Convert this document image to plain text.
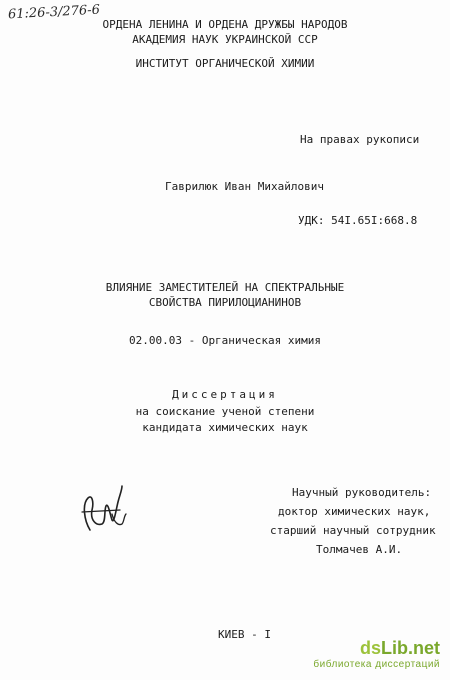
61:26-3/276-6
ОРДЕНА ЛЕНИНА И ОРДЕНА ДРУЖБЫ НАРОДОВ
АКАДЕМИЯ НАУК УКРАИНСКОЙ ССР
ИНСТИТУТ ОРГАНИЧЕСКОЙ ХИМИИ
На правах рукописи
Гаврилюк Иван Михайлович
УДК: 54I.65I:668.8
ВЛИЯНИЕ ЗАМЕСТИТЕЛЕЙ НА СПЕКТРАЛЬНЫЕ
СВОЙСТВА ПИРИЛОЦИАНИНОВ
02.00.03 - Органическая химия
Диссертация
на соискание ученой степени
кандидата химических наук
Научный руководитель:
доктор химических наук,
старший научный сотрудник
Толмачев А.И.
КИЕВ - І
dsLib.net
библиотека диссертаций
